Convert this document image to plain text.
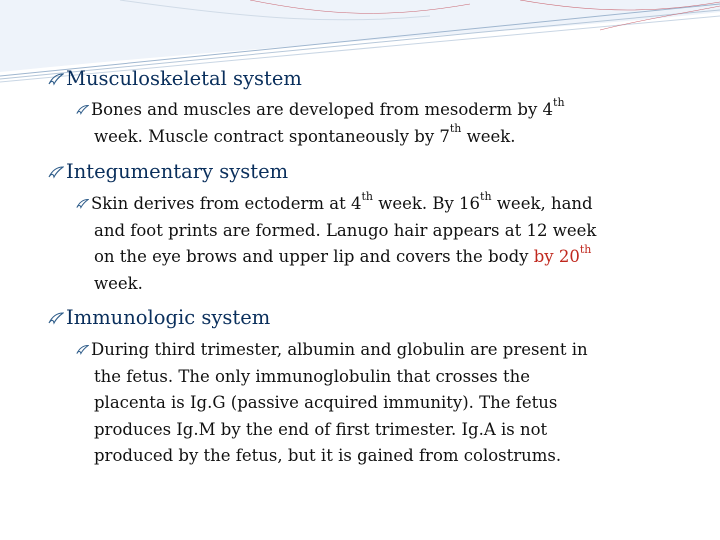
Musculoskeletal system
Bones and muscles are developed from mesoderm by 4th
week. Muscle contract spontaneously by 7th week.
Integumentary system
Skin derives from ectoderm at 4th week. By 16th week, hand
and foot prints are formed. Lanugo hair appears at 12 week
on the eye brows and upper lip and covers the body by 20th
week.
Immunologic system
During third trimester, albumin and globulin are present in
the fetus. The only immunoglobulin that crosses the
placenta is Ig.G (passive acquired immunity). The fetus
produces Ig.M by the end of first trimester. Ig.A is not
produced by the fetus, but it is gained from colostrums.
